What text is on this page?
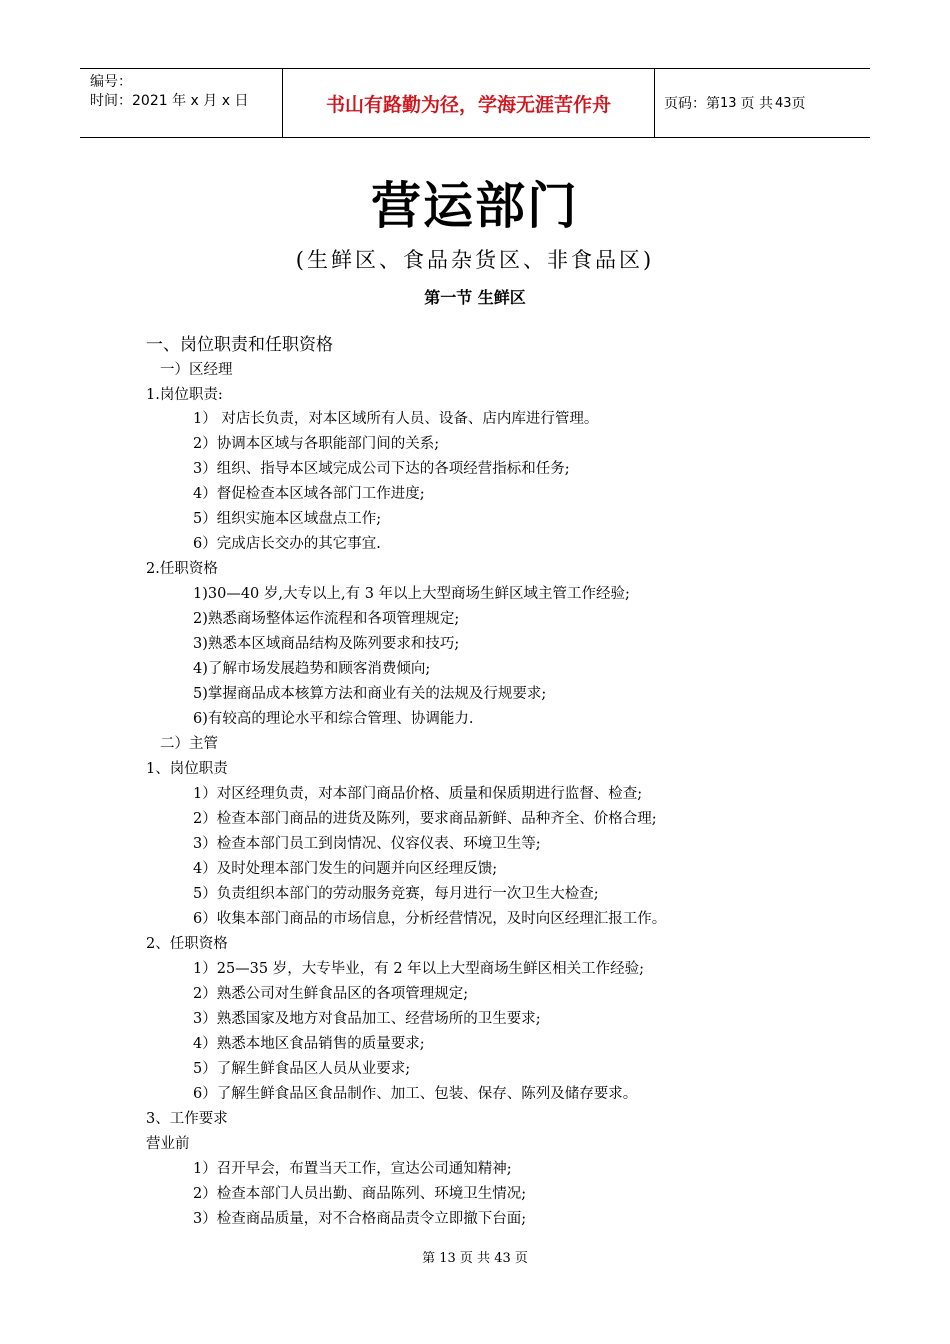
编号：
时间：2021 年 x 月 x 日	书山有路勤为径，学海无涯苦作舟	页码：第 13 页 共 43 页
营运部门
(生鲜区、食品杂货区、非食品区)
第一节 生鲜区
一、岗位职责和任职资格
一）区经理
1.岗位职责:
1） 对店长负责，对本区域所有人员、设备、店内库进行管理。
2）协调本区域与各职能部门间的关系;
3）组织、指导本区域完成公司下达的各项经营指标和任务;
4）督促检查本区域各部门工作进度;
5）组织实施本区域盘点工作;
6）完成店长交办的其它事宜.
2.任职资格
1)30—40 岁,大专以上,有 3 年以上大型商场生鲜区域主管工作经验;
2)熟悉商场整体运作流程和各项管理规定;
3)熟悉本区域商品结构及陈列要求和技巧;
4)了解市场发展趋势和顾客消费倾向;
5)掌握商品成本核算方法和商业有关的法规及行规要求;
6)有较高的理论水平和综合管理、协调能力.
二）主管
1、岗位职责
1）对区经理负责，对本部门商品价格、质量和保质期进行监督、检查;
2）检查本部门商品的进货及陈列，要求商品新鲜、品种齐全、价格合理;
3）检查本部门员工到岗情况、仪容仪表、环境卫生等;
4）及时处理本部门发生的问题并向区经理反馈;
5）负责组织本部门的劳动服务竞赛，每月进行一次卫生大检查;
6）收集本部门商品的市场信息，分析经营情况，及时向区经理汇报工作。
2、任职资格
1）25—35 岁，大专毕业，有 2 年以上大型商场生鲜区相关工作经验;
2）熟悉公司对生鲜食品区的各项管理规定;
3）熟悉国家及地方对食品加工、经营场所的卫生要求;
4）熟悉本地区食品销售的质量要求;
5）了解生鲜食品区人员从业要求;
6）了解生鲜食品区食品制作、加工、包装、保存、陈列及储存要求。
3、工作要求
营业前
1）召开早会，布置当天工作，宣达公司通知精神;
2）检查本部门人员出勤、商品陈列、环境卫生情况;
3）检查商品质量，对不合格商品责令立即撤下台面;
第 13 页 共 43 页
